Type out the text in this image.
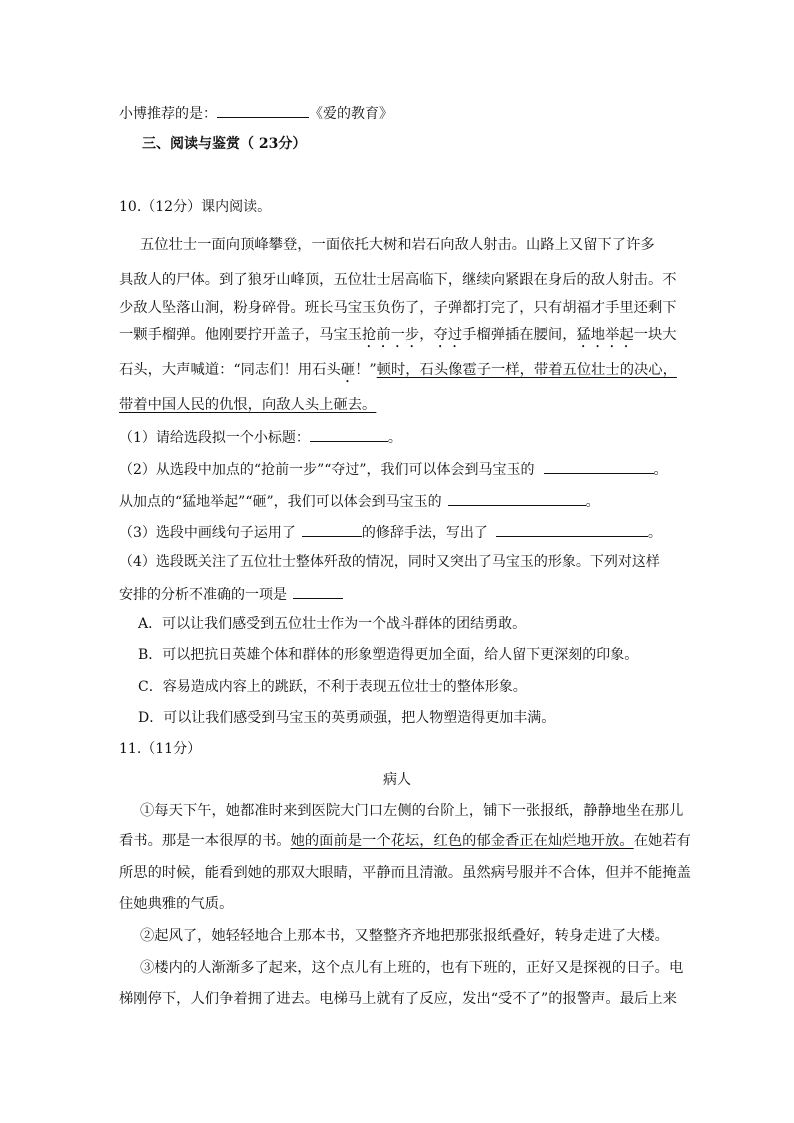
小博推荐的是：	《爱的教育》
三、阅读与鉴赏（ 23分）
10.（12分）课内阅读。
五位壮士一面向顶峰攀登，一面依托大树和岩石向敌人射击。山路上又留下了许多
具敌人的尸体。到了狼牙山峰顶，五位壮士居高临下，继续向紧跟在身后的敌人射击。不
少敌人坠落山涧，粉身碎骨。班长马宝玉负伤了，子弹都打完了，只有胡福才手里还剩下
一颗手榴弹。他刚要拧开盖子，马宝玉抢前一步，夺过手榴弹插在腰间，猛地举起一块大
石头，大声喊道：“同志们！用石头砸！”顿时，石头像雹子一样，带着五位壮士的决心，
带着中国人民的仇恨，向敌人头上砸去。
（1）请给选段拟一个小标题：	。
（2）从选段中加点的“抢前一步”“夺过”，我们可以体会到马宝玉的	。
从加点的“猛地举起”“砸”，我们可以体会到马宝玉的	。
（3）选段中画线句子运用了	的修辞手法，写出了	。
（4）选段既关注了五位壮士整体歼敌的情况，同时又突出了马宝玉的形象。下列对这样
安排的分析不准确的一项是
A．可以让我们感受到五位壮士作为一个战斗群体的团结勇敢。
B．可以把抗日英雄个体和群体的形象塑造得更加全面，给人留下更深刻的印象。
C．容易造成内容上的跳跃，不利于表现五位壮士的整体形象。
D．可以让我们感受到马宝玉的英勇顽强，把人物塑造得更加丰满。
11.（11分）
病人
①每天下午，她都准时来到医院大门口左侧的台阶上，铺下一张报纸，静静地坐在那儿
看书。那是一本很厚的书。她的面前是一个花坛，红色的郁金香正在灿烂地开放。在她若有
所思的时候，能看到她的那双大眼睛，平静而且清澈。虽然病号服并不合体，但并不能掩盖
住她典雅的气质。
②起风了，她轻轻地合上那本书，又整整齐齐地把那张报纸叠好，转身走进了大楼。
③楼内的人渐渐多了起来，这个点儿有上班的，也有下班的，正好又是探视的日子。电
梯刚停下，人们争着拥了进去。电梯马上就有了反应，发出“受不了”的报警声。最后上来
